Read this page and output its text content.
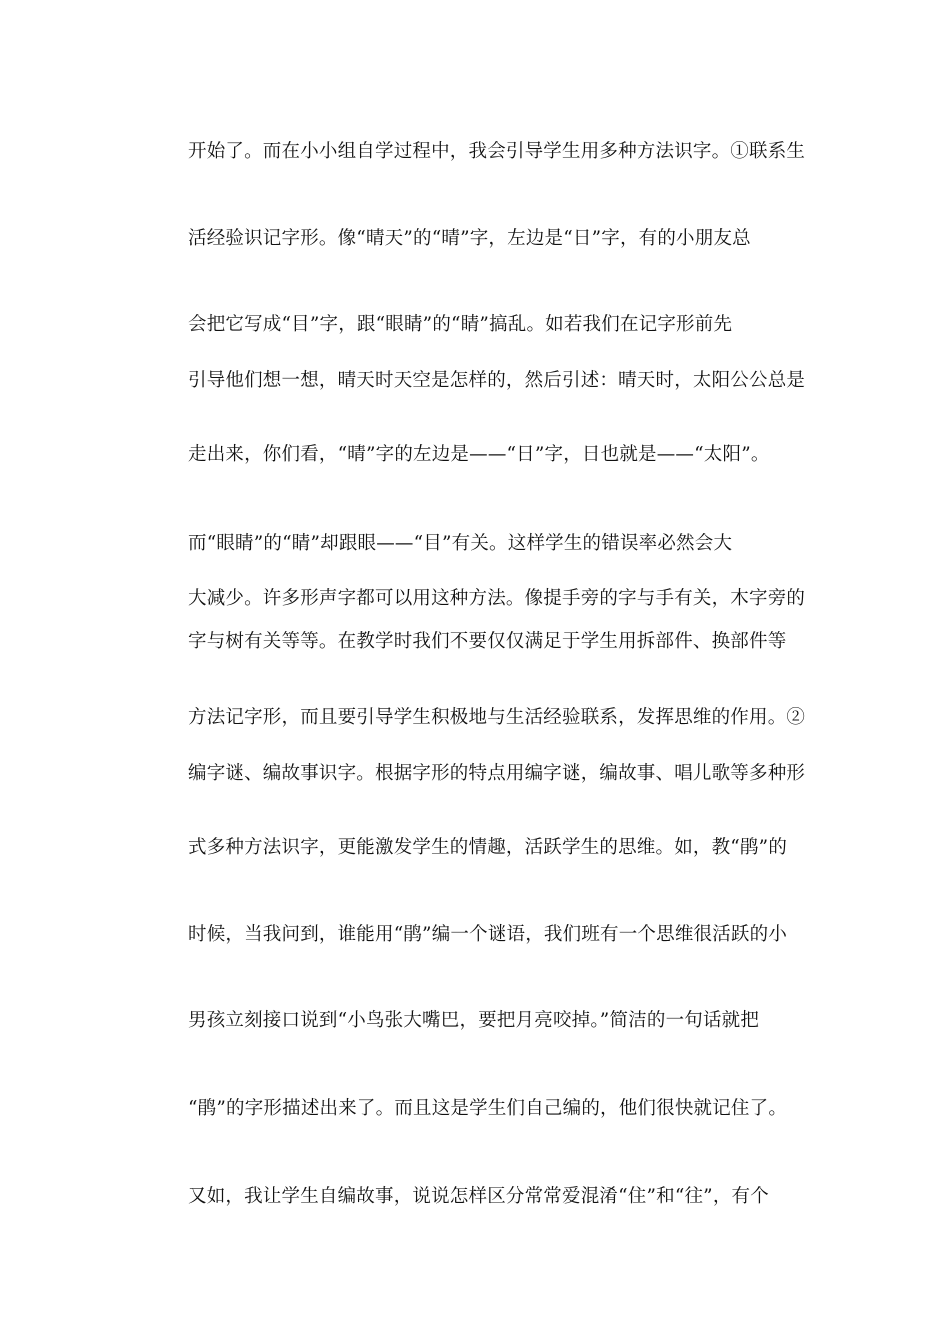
开始了。而在小小组自学过程中，我会引导学生用多种方法识字。①联系生
活经验识记字形。像“晴天”的“晴”字，左边是“日”字，有的小朋友总
会把它写成“目”字，跟“眼睛”的“睛”搞乱。如若我们在记字形前先
引导他们想一想，晴天时天空是怎样的，然后引述：晴天时，太阳公公总是
走出来，你们看，“晴”字的左边是——“日”字，日也就是——“太阳”。
而“眼睛”的“睛”却跟眼——“目”有关。这样学生的错误率必然会大
大减少。许多形声字都可以用这种方法。像提手旁的字与手有关，木字旁的
字与树有关等等。在教学时我们不要仅仅满足于学生用拆部件、换部件等
方法记字形，而且要引导学生积极地与生活经验联系，发挥思维的作用。②
编字谜、编故事识字。根据字形的特点用编字谜，编故事、唱儿歌等多种形
式多种方法识字，更能激发学生的情趣，活跃学生的思维。如，教“鹃”的
时候，当我问到，谁能用“鹃”编一个谜语，我们班有一个思维很活跃的小
男孩立刻接口说到“小鸟张大嘴巴，要把月亮咬掉。”简洁的一句话就把
“鹃”的字形描述出来了。而且这是学生们自己编的，他们很快就记住了。
又如，我让学生自编故事，说说怎样区分常常爱混淆“住”和“往”，有个
